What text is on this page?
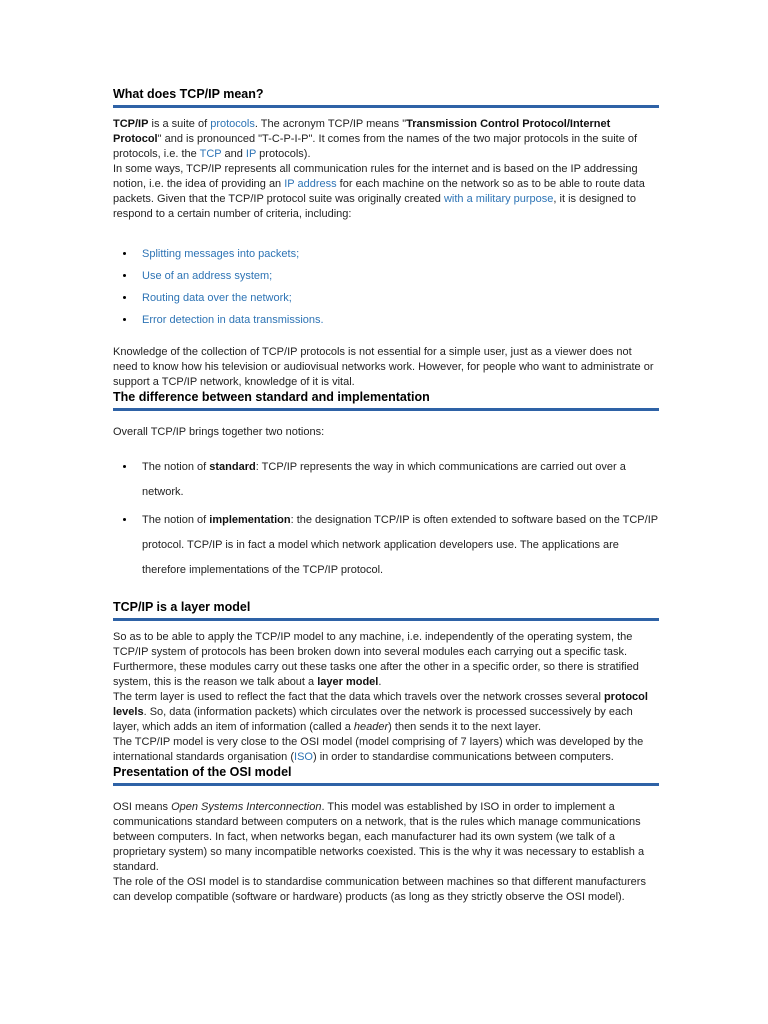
What does TCP/IP mean?

TCP/IP is a suite of protocols. The acronym TCP/IP means "Transmission Control Protocol/Internet Protocol" and is pronounced "T-C-P-I-P". It comes from the names of the two major protocols in the suite of protocols, i.e. the TCP and IP protocols).

In some ways, TCP/IP represents all communication rules for the internet and is based on the IP addressing notion, i.e. the idea of providing an IP address for each machine on the network so as to be able to route data packets. Given that the TCP/IP protocol suite was originally created with a military purpose, it is designed to respond to a certain number of criteria, including:

• Splitting messages into packets;
• Use of an address system;
• Routing data over the network;
• Error detection in data transmissions.

Knowledge of the collection of TCP/IP protocols is not essential for a simple user, just as a viewer does not need to know how his television or audiovisual networks work. However, for people who want to administrate or support a TCP/IP network, knowledge of it is vital.

The difference between standard and implementation

Overall TCP/IP brings together two notions:

• The notion of standard: TCP/IP represents the way in which communications are carried out over a network.
• The notion of implementation: the designation TCP/IP is often extended to software based on the TCP/IP protocol. TCP/IP is in fact a model which network application developers use. The applications are therefore implementations of the TCP/IP protocol.
TCP/IP is a layer model

So as to be able to apply the TCP/IP model to any machine, i.e. independently of the operating system, the TCP/IP system of protocols has been broken down into several modules each carrying out a specific task. Furthermore, these modules carry out these tasks one after the other in a specific order, so there is stratified system, this is the reason we talk about a layer model.

The term layer is used to reflect the fact that the data which travels over the network crosses several protocol levels. So, data (information packets) which circulates over the network is processed successively by each layer, which adds an item of information (called a header) then sends it to the next layer.

The TCP/IP model is very close to the OSI model (model comprising of 7 layers) which was developed by the international standards organisation (ISO) in order to standardise communications between computers.

Presentation of the OSI model

OSI means Open Systems Interconnection. This model was established by ISO in order to implement a communications standard between computers on a network, that is the rules which manage communications between computers. In fact, when networks began, each manufacturer had its own system (we talk of a proprietary system) so many incompatible networks coexisted. This is the why it was necessary to establish a standard.

The role of the OSI model is to standardise communication between machines so that different manufacturers can develop compatible (software or hardware) products (as long as they strictly observe the OSI model).
